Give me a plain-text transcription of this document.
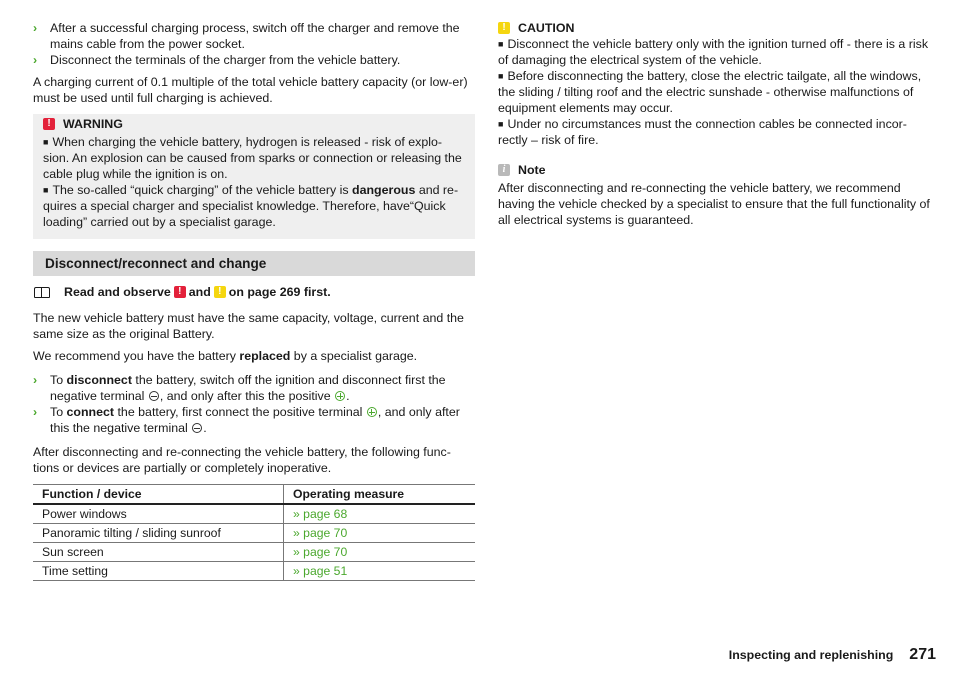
› After a successful charging process, switch off the charger and remove the mains cable from the power socket.
› Disconnect the terminals of the charger from the vehicle battery.

A charging current of 0.1 multiple of the total vehicle battery capacity (or low-er) must be used until full charging is achieved.

! WARNING
■ When charging the vehicle battery, hydrogen is released - risk of explo-sion. An explosion can be caused from sparks or connection or releasing the cable plug while the ignition is on.
■ The so-called “quick charging” of the vehicle battery is dangerous and re-quires a special charger and specialist knowledge. Therefore, have“Quick loading” carried out by a specialist garage.
Disconnect/reconnect and change
Read and observe ! and ! on page 269 first.

The new vehicle battery must have the same capacity, voltage, current and the same size as the original Battery.

We recommend you have the battery replaced by a specialist garage.

› To disconnect the battery, switch off the ignition and disconnect first the negative terminal , and only after this the positive .
› To connect the battery, first connect the positive terminal , and only after this the negative terminal .

After disconnecting and re-connecting the vehicle battery, the following func-tions or devices are partially or completely inoperative.

Function / device	Operating measure
Power windows	» page 68
Panoramic tilting / sliding sunroof	» page 70
Sun screen	» page 70
Time setting	» page 51
! CAUTION
■ Disconnect the vehicle battery only with the ignition turned off - there is a risk of damaging the electrical system of the vehicle.
■ Before disconnecting the battery, close the electric tailgate, all the windows, the sliding / tilting roof and the electric sunshade - otherwise malfunctions of equipment elements may occur.
■ Under no circumstances must the connection cables be connected incor-rectly – risk of fire.
i	Note

After disconnecting and re-connecting the vehicle battery, we recommend having the vehicle checked by a specialist to ensure that the full functionality of all electrical systems is guaranteed.

Inspecting and replenishing 271
